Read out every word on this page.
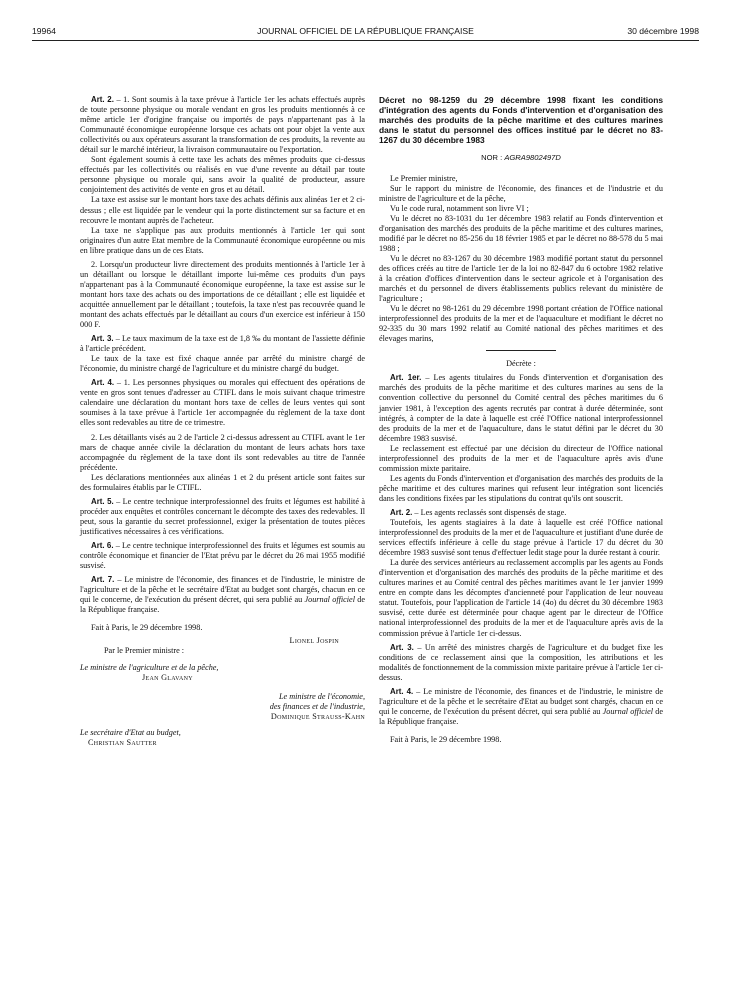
19964	JOURNAL OFFICIEL DE LA RÉPUBLIQUE FRANÇAISE	30 décembre 1998

Art. 2. – 1. Sont soumis à la taxe prévue à l'article 1er les achats effectués auprès de toute personne physique ou morale vendant en gros les produits mentionnés à ce même article 1er d'origine française ou importés de pays n'appartenant pas à la Communauté économique européenne lorsque ces achats ont pour objet la vente aux collectivités ou aux opérateurs assurant la transformation de ces produits, la revente au détail sur le marché intérieur, la livraison communautaire ou l'exportation.

Sont également soumis à cette taxe les achats des mêmes produits que ci-dessus effectués par les collectivités ou réalisés en vue d'une revente au détail par toute personne physique ou morale qui, sans avoir la qualité de producteur, assure conjointement des activités de vente en gros et au détail.

La taxe est assise sur le montant hors taxe des achats définis aux alinéas 1er et 2 ci-dessus ; elle est liquidée par le vendeur qui la porte distinctement sur sa facture et en recouvre le montant auprès de l'acheteur.

La taxe ne s'applique pas aux produits mentionnés à l'article 1er qui sont originaires d'un autre Etat membre de la Communauté économique européenne ou mis en libre pratique dans un de ces Etats.

2. Lorsqu'un producteur livre directement des produits mentionnés à l'article 1er à un détaillant ou lorsque le détaillant importe lui-même ces produits d'un pays n'appartenant pas à la Communauté économique européenne, la taxe est assise sur le montant hors taxe des achats ou des importations de ce détaillant ; elle est liquidée et acquittée annuellement par le détaillant ; toutefois, la taxe n'est pas recouvrée quand le montant des achats effectués par le détaillant au cours d'un exercice est inférieur à 150 000 F.

Art. 3. – Le taux maximum de la taxe est de 1,8 ‰ du montant de l'assiette définie à l'article précédent.

Le taux de la taxe est fixé chaque année par arrêté du ministre chargé de l'économie, du ministre chargé de l'agriculture et du ministre chargé du budget.

Art. 4. – 1. Les personnes physiques ou morales qui effectuent des opérations de vente en gros sont tenues d'adresser au CTIFL dans le mois suivant chaque trimestre calendaire une déclaration du montant hors taxe de celles de leurs ventes qui sont soumises à la taxe prévue à l'article 1er accompagnée du règlement de la taxe dont elles sont redevables au titre de ce trimestre.

2. Les détaillants visés au 2 de l'article 2 ci-dessus adressent au CTIFL avant le 1er mars de chaque année civile la déclaration du montant de leurs achats hors taxe accompagnée du règlement de la taxe dont ils sont redevables au titre de l'année précédente.

Les déclarations mentionnées aux alinéas 1 et 2 du présent article sont faites sur des formulaires établis par le CTIFL.

Art. 5. – Le centre technique interprofessionnel des fruits et légumes est habilité à procéder aux enquêtes et contrôles concernant le décompte des taxes des redevables. Il peut, sous la garantie du secret professionnel, exiger la présentation de toutes pièces justificatives nécessaires à ces vérifications.

Art. 6. – Le centre technique interprofessionnel des fruits et légumes est soumis au contrôle économique et financier de l'Etat prévu par le décret du 26 mai 1955 modifié susvisé.

Art. 7. – Le ministre de l'économie, des finances et de l'industrie, le ministre de l'agriculture et de la pêche et le secrétaire d'Etat au budget sont chargés, chacun en ce qui le concerne, de l'exécution du présent décret, qui sera publié au Journal officiel de la République française.

Fait à Paris, le 29 décembre 1998.

Lionel Jospin

Par le Premier ministre :

Le ministre de l'agriculture et de la pêche,

Jean Glavany

Le ministre de l'économie,

des finances et de l'industrie,

Dominique Strauss-Kahn

Le secrétaire d'Etat au budget,

Christian Sautter

Décret no 98-1259 du 29 décembre 1998 fixant les conditions d'intégration des agents du Fonds d'intervention et d'organisation des marchés des produits de la pêche maritime et des cultures marines dans le statut du personnel des offices institué par le décret no 83-1267 du 30 décembre 1983

NOR : AGRA9802497D

Le Premier ministre,

Sur le rapport du ministre de l'économie, des finances et de l'industrie et du ministre de l'agriculture et de la pêche,

Vu le code rural, notamment son livre VI ;

Vu le décret no 83-1031 du 1er décembre 1983 relatif au Fonds d'intervention et d'organisation des marchés des produits de la pêche maritime et des cultures marines, modifié par le décret no 85-256 du 18 février 1985 et par le décret no 88-578 du 5 mai 1988 ;

Vu le décret no 83-1267 du 30 décembre 1983 modifié portant statut du personnel des offices créés au titre de l'article 1er de la loi no 82-847 du 6 octobre 1982 relative à la création d'offices d'intervention dans le secteur agricole et à l'organisation des marchés et du personnel de divers établissements publics relevant du ministère de l'agriculture ;

Vu le décret no 98-1261 du 29 décembre 1998 portant création de l'Office national interprofessionnel des produits de la mer et de l'aquaculture et modifiant le décret no 92-335 du 30 mars 1992 relatif au Comité national des pêches maritimes et des élevages marins,

Décrète :

Art. 1er. – Les agents titulaires du Fonds d'intervention et d'organisation des marchés des produits de la pêche maritime et des cultures marines au sens de la convention collective du personnel du Comité central des pêches maritimes du 6 janvier 1981, à l'exception des agents recrutés par contrat à durée déterminée, sont intégrés, à compter de la date à laquelle est créé l'Office national interprofessionnel des produits de la mer et de l'aquaculture, dans le statut défini par le décret du 30 décembre 1983 susvisé.

Le reclassement est effectué par une décision du directeur de l'Office national interprofessionnel des produits de la mer et de l'aquaculture après avis d'une commission mixte paritaire.

Les agents du Fonds d'intervention et d'organisation des marchés des produits de la pêche maritime et des cultures marines qui refusent leur intégration sont licenciés dans les conditions fixées par les stipulations du contrat qu'ils ont souscrit.

Art. 2. – Les agents reclassés sont dispensés de stage.

Toutefois, les agents stagiaires à la date à laquelle est créé l'Office national interprofessionnel des produits de la mer et de l'aquaculture et justifiant d'une durée de services effectifs inférieure à celle du stage prévue à l'article 17 du décret du 30 décembre 1983 susvisé sont tenus d'effectuer ledit stage pour la durée restant à courir.

La durée des services antérieurs au reclassement accomplis par les agents au Fonds d'intervention et d'organisation des marchés des produits de la pêche maritime et des cultures marines et au Comité central des pêches maritimes avant le 1er janvier 1999 entre en compte dans les décomptes d'ancienneté pour l'application de leur nouveau statut. Toutefois, pour l'application de l'article 14 (4o) du décret du 30 décembre 1983 susvisé, cette durée est déterminée pour chaque agent par le directeur de l'Office national interprofessionnel des produits de la mer et de l'aquaculture après avis de la commission prévue à l'article 1er ci-dessus.

Art. 3. – Un arrêté des ministres chargés de l'agriculture et du budget fixe les conditions de ce reclassement ainsi que la composition, les attributions et les modalités de fonctionnement de la commission mixte paritaire prévue à l'article 1er ci-dessus.

Art. 4. – Le ministre de l'économie, des finances et de l'industrie, le ministre de l'agriculture et de la pêche et le secrétaire d'Etat au budget sont chargés, chacun en ce qui le concerne, de l'exécution du présent décret, qui sera publié au Journal officiel de la République française.

Fait à Paris, le 29 décembre 1998.
